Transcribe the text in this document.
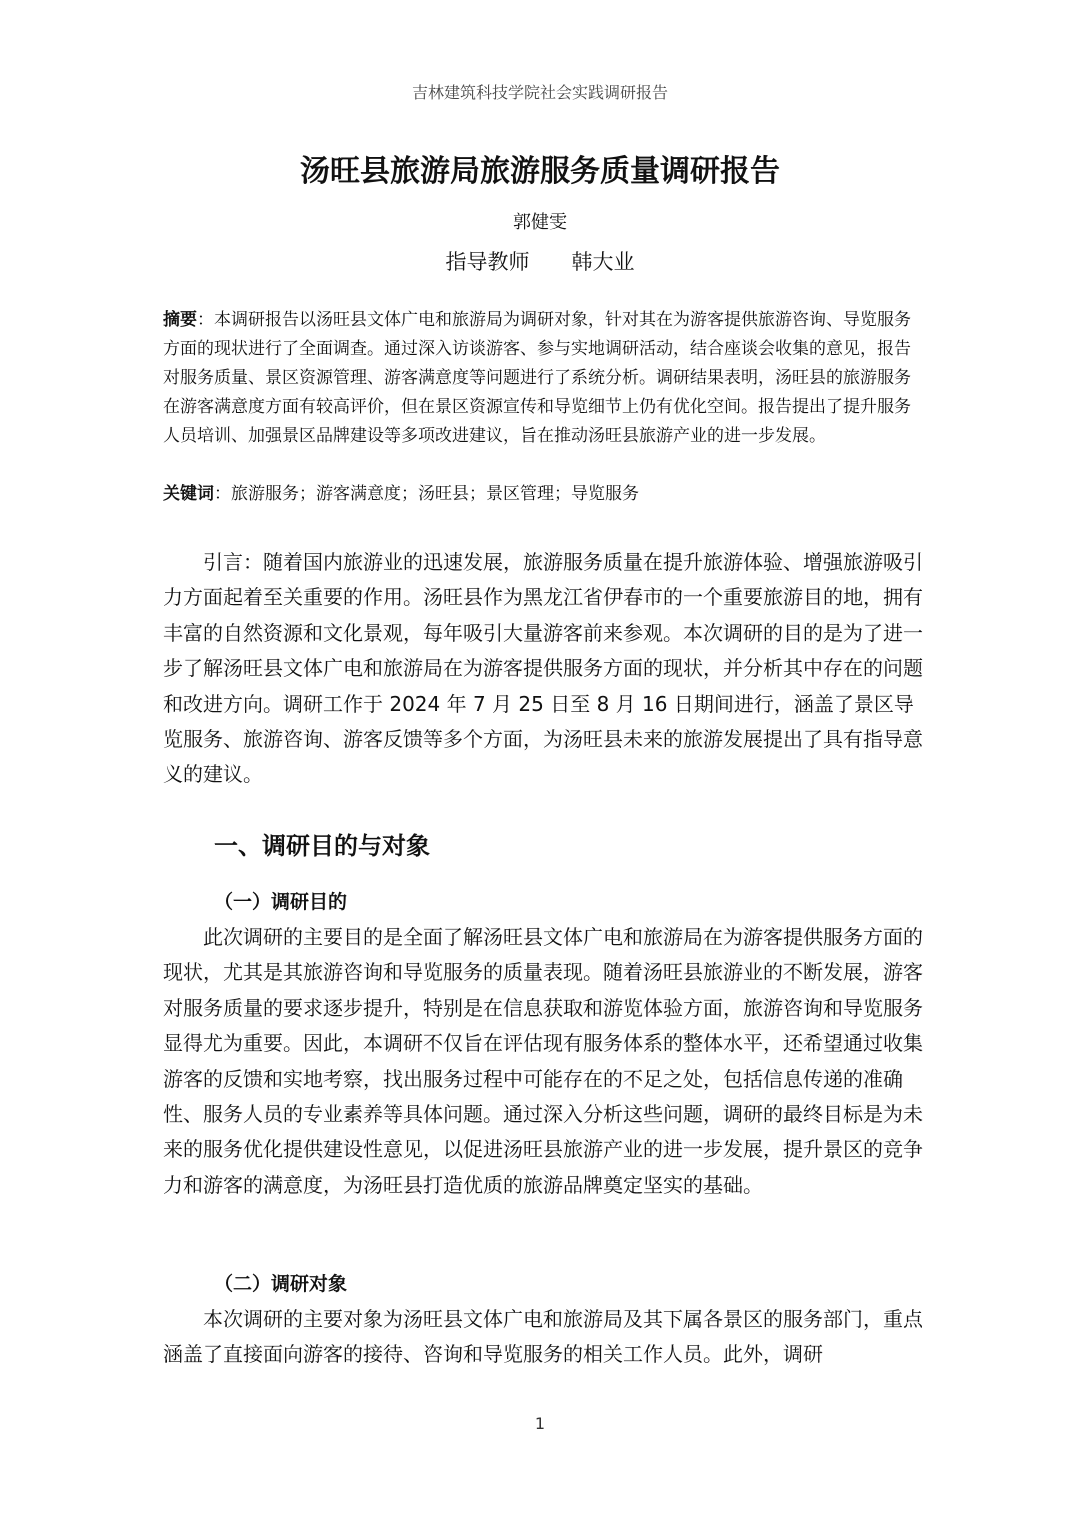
吉林建筑科技学院社会实践调研报告
汤旺县旅游局旅游服务质量调研报告
郭健雯
指导教师 韩大业
摘要：本调研报告以汤旺县文体广电和旅游局为调研对象，针对其在为游客提供旅游咨询、导览服务方面的现状进行了全面调查。通过深入访谈游客、参与实地调研活动，结合座谈会收集的意见，报告对服务质量、景区资源管理、游客满意度等问题进行了系统分析。调研结果表明，汤旺县的旅游服务在游客满意度方面有较高评价，但在景区资源宣传和导览细节上仍有优化空间。报告提出了提升服务人员培训、加强景区品牌建设等多项改进建议，旨在推动汤旺县旅游产业的进一步发展。
关键词：旅游服务；游客满意度；汤旺县；景区管理；导览服务
引言：随着国内旅游业的迅速发展，旅游服务质量在提升旅游体验、增强旅游吸引力方面起着至关重要的作用。汤旺县作为黑龙江省伊春市的一个重要旅游目的地，拥有丰富的自然资源和文化景观，每年吸引大量游客前来参观。本次调研的目的是为了进一步了解汤旺县文体广电和旅游局在为游客提供服务方面的现状，并分析其中存在的问题和改进方向。调研工作于 2024 年 7 月 25 日至 8 月 16 日期间进行，涵盖了景区导览服务、旅游咨询、游客反馈等多个方面，为汤旺县未来的旅游发展提出了具有指导意义的建议。
一、调研目的与对象
（一）调研目的
此次调研的主要目的是全面了解汤旺县文体广电和旅游局在为游客提供服务方面的现状，尤其是其旅游咨询和导览服务的质量表现。随着汤旺县旅游业的不断发展，游客对服务质量的要求逐步提升，特别是在信息获取和游览体验方面，旅游咨询和导览服务显得尤为重要。因此，本调研不仅旨在评估现有服务体系的整体水平，还希望通过收集游客的反馈和实地考察，找出服务过程中可能存在的不足之处，包括信息传递的准确性、服务人员的专业素养等具体问题。通过深入分析这些问题，调研的最终目标是为未来的服务优化提供建设性意见，以促进汤旺县旅游产业的进一步发展，提升景区的竞争力和游客的满意度，为汤旺县打造优质的旅游品牌奠定坚实的基础。
（二）调研对象
本次调研的主要对象为汤旺县文体广电和旅游局及其下属各景区的服务部门，重点涵盖了直接面向游客的接待、咨询和导览服务的相关工作人员。此外，调研
1
